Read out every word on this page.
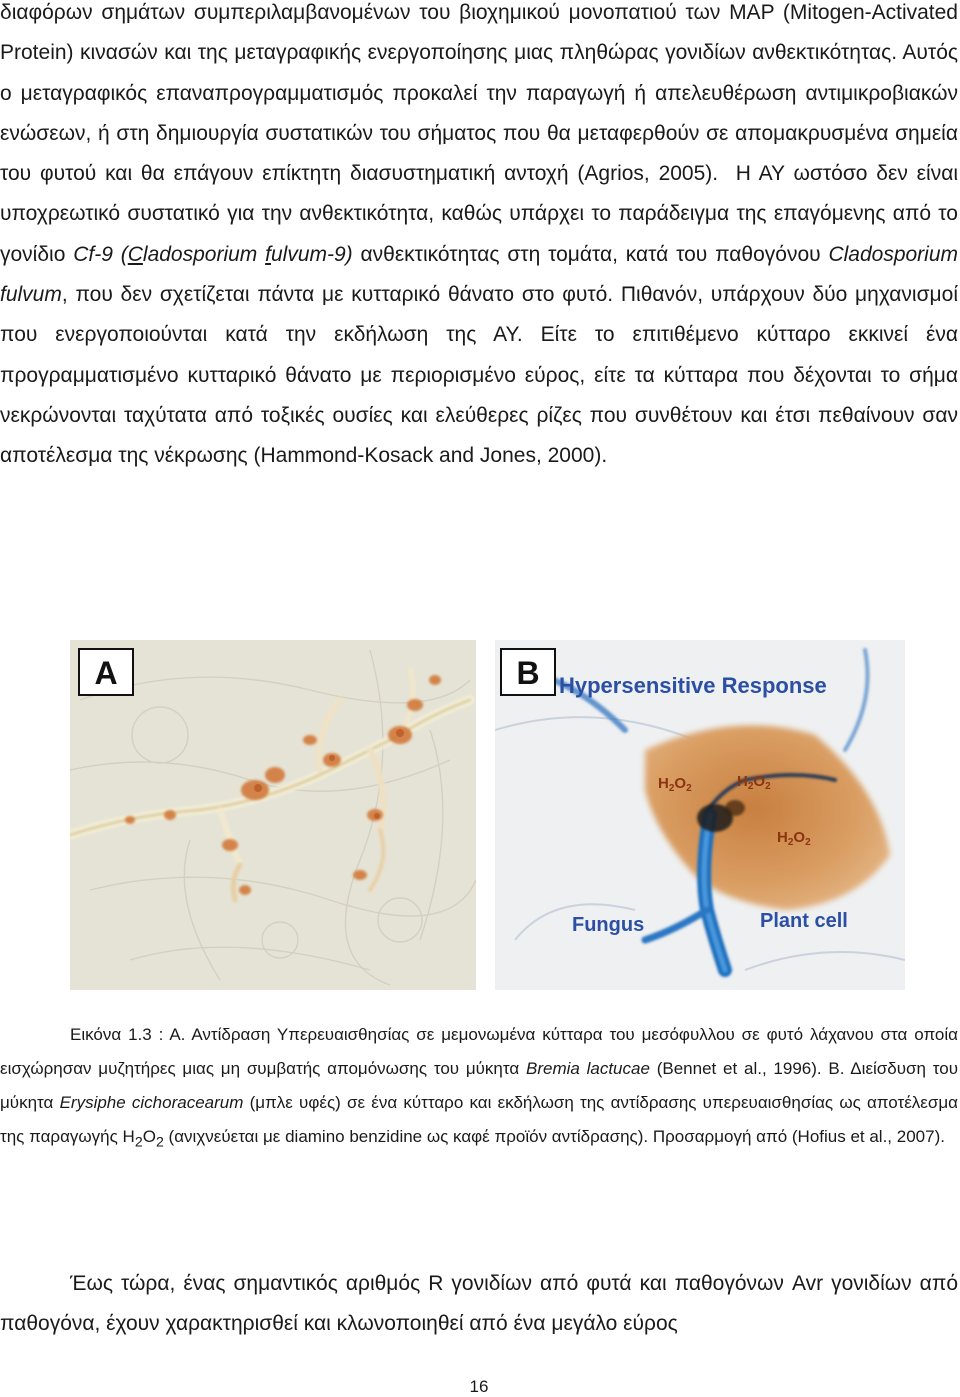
διαφόρων σημάτων συμπεριλαμβανομένων του βιοχημικού μονοπατιού των MAP (Mitogen-Activated Protein) κινασών και της μεταγραφικής ενεργοποίησης μιας πληθώρας γονιδίων ανθεκτικότητας. Αυτός ο μεταγραφικός επαναπρογραμματισμός προκαλεί την παραγωγή ή απελευθέρωση αντιμικροβιακών ενώσεων, ή στη δημιουργία συστατικών του σήματος που θα μεταφερθούν σε απομακρυσμένα σημεία του φυτού και θα επάγουν επίκτητη διασυστηματική αντοχή (Agrios, 2005). Η ΑΥ ωστόσο δεν είναι υποχρεωτικό συστατικό για την ανθεκτικότητα, καθώς υπάρχει το παράδειγμα της επαγόμενης από το γονίδιο Cf-9 (Cladosporium fulvum-9) ανθεκτικότητας στη τομάτα, κατά του παθογόνου Cladosporium fulvum, που δεν σχετίζεται πάντα με κυτταρικό θάνατο στο φυτό. Πιθανόν, υπάρχουν δύο μηχανισμοί που ενεργοποιούνται κατά την εκδήλωση της ΑΥ. Είτε το επιτιθέμενο κύτταρο εκκινεί ένα προγραμματισμένο κυτταρικό θάνατο με περιορισμένο εύρος, είτε τα κύτταρα που δέχονται το σήμα νεκρώνονται ταχύτατα από τοξικές ουσίες και ελεύθερες ρίζες που συνθέτουν και έτσι πεθαίνουν σαν αποτέλεσμα της νέκρωσης (Hammond-Kosack and Jones, 2000).

A	B Hypersensitive Response
$H_2O_2$	$H_2O_2$
$H_2O_2$
Fungus	Plant cell

Εικόνα 1.3 : Α. Αντίδραση Υπερευαισθησίας σε μεμονωμένα κύτταρα του μεσόφυλλου σε φυτό λάχανου στα οποία εισχώρησαν μυζητήρες μιας μη συμβατής απομόνωσης του μύκητα Bremia lactucae (Bennet et al., 1996). Β. Διείσδυση του μύκητα Erysiphe cichoracearum (μπλε υφές) σε ένα κύτταρο και εκδήλωση της αντίδρασης υπερευαισθησίας ως αποτέλεσμα της παραγωγής $H_2O_2$ (ανιχνεύεται με diamino benzidine ως καφέ προϊόν αντίδρασης). Προσαρμογή από (Hofius et al., 2007).

Έως τώρα, ένας σημαντικός αριθμός R γονιδίων από φυτά και παθογόνων Avr γονιδίων από παθογόνα, έχουν χαρακτηρισθεί και κλωνοποιηθεί από ένα μεγάλο εύρος

16
